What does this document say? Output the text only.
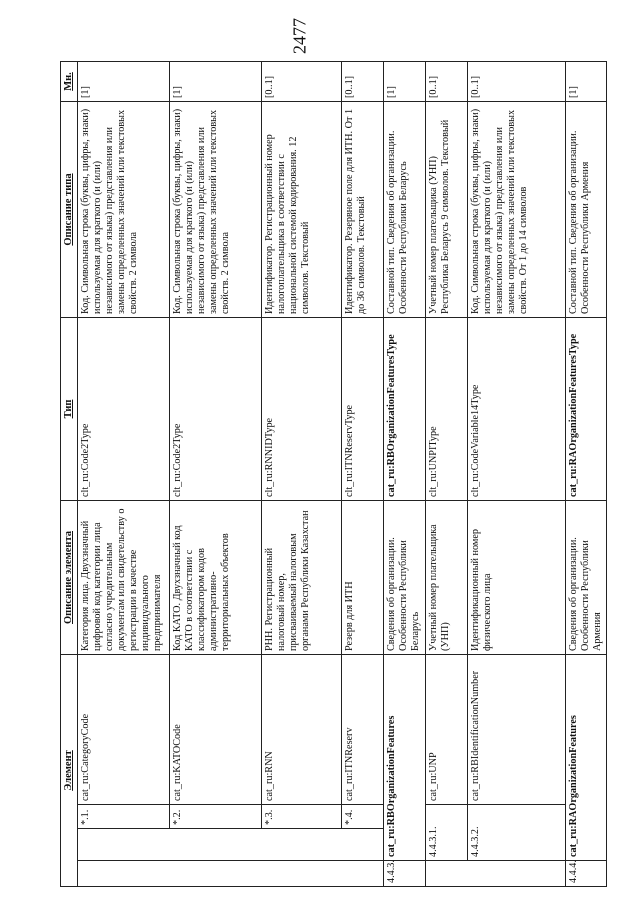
2477
Элемент				Описание элемента	Тип	Описание типа	Мн.
		*.1.	cat_ru:CategoryCode	Категория лица. Двухзначный цифровой код категории лица согласно учредительным документам или свидетельству о регистрации в качестве индивидуального предпринимателя	clt_ru:Code2Type	Код. Символьная строка (буквы, цифры, знаки) используемая для краткого (и (или) независимого от языка) представления или замены определенных значений или текстовых свойств. 2 символа	[1]
		*.2.	cat_ru:KATOCode	Код КАТО. Двухзначный код КАТО в соответствии с классификатором кодов административно-территориальных объектов	clt_ru:Code2Type	Код. Символьная строка (буквы, цифры, знаки) используемая для краткого (и (или) независимого от языка) представления или замены определенных значений или текстовых свойств. 2 символа	[1]
		*.3.	cat_ru:RNN	РНН. Регистрационный налоговый номер, присваиваемый налоговым органами Республики Казахстан	clt_ru:RNNIDType	Идентификатор. Регистрационный номер налогоплательщика в соответствии с национальной системой кодирования. 12 символов. Текстовый	[0..1]
		*.4.	cat_ru:ITNReserv	Резерв для ИТН	clt_ru:ITNReservType	Идентификатор. Резервное поле для ИТН. От 1 до 36 символов. Текстовый	[0..1]
4.4.3.	cat_ru:RBOrganizationFeatures			Сведения об организации. Особенности Республики Беларусь	cat_ru:RBOrganizationFeaturesType	Составной тип. Сведения об организации. Особенности Республики Беларусь	[1]
	4.4.3.1.		cat_ru:UNP	Учетный номер плательщика (УНП)	clt_ru:UNPIType	Учетный номер плательщика (УНП) Республика Беларусь 9 символов. Текстовый	[0..1]
	4.4.3.2.		cat_ru:RBIdentificationNumber	Идентификационный номер физического лица	clt_ru:CodeVariable14Type	Код. Символьная строка (буквы, цифры, знаки) используемая для краткого (и (или) независимого от языка) представления или замены определенных значений или текстовых свойств. От 1 до 14 символов	[0..1]
4.4.4.	cat_ru:RAOrganizationFeatures			Сведения об организации. Особенности Республики Армения	cat_ru:RAOrganizationFeaturesType	Составной тип. Сведения об организации. Особенности Республики Армения	[1]
